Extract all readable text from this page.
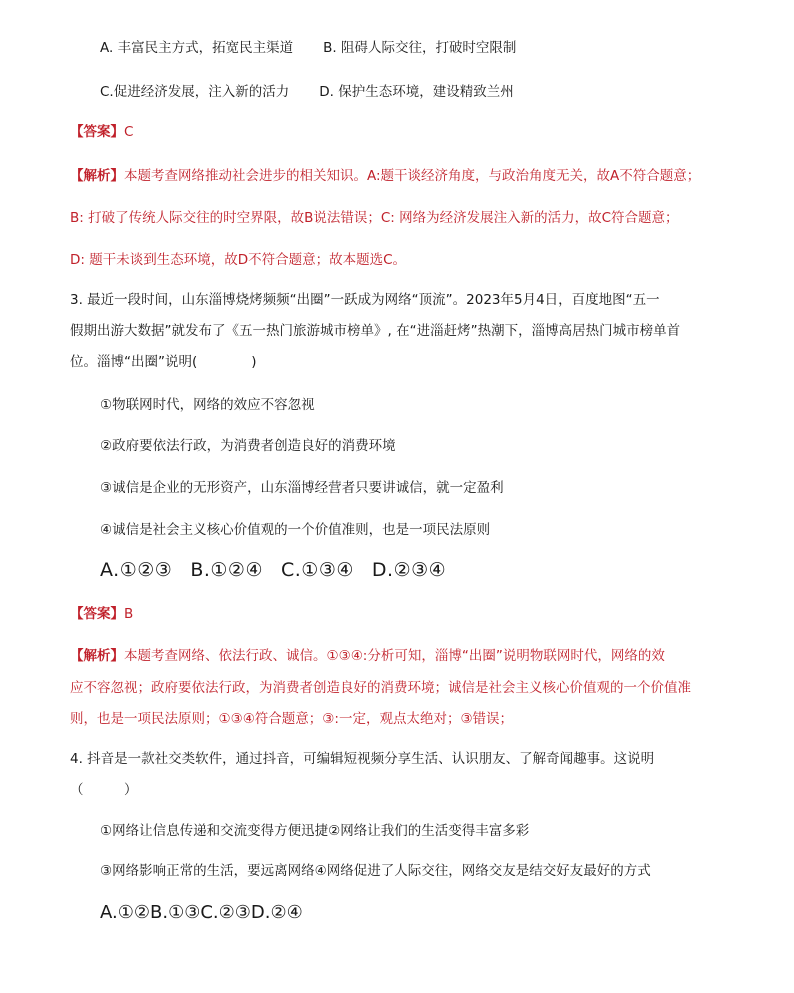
A. 丰富民主方式，拓宽民主渠道 B. 阻碍人际交往，打破时空限制
C.促进经济发展，注入新的活力 D. 保护生态环境，建设精致兰州
【答案】C
【解析】本题考查网络推动社会进步的相关知识。A:题干谈经济角度，与政治角度无关，故A不符合题意；
B: 打破了传统人际交往的时空界限，故B说法错误；C: 网络为经济发展注入新的活力，故C符合题意；
D: 题干未谈到生态环境，故D不符合题意；故本题选C。
3. 最近一段时间，山东淄博烧烤频频“出圈”一跃成为网络“顶流”。2023年5月4日，百度地图“五一
假期出游大数据”就发布了《五一热门旅游城市榜单》, 在“进淄赶烤”热潮下，淄博高居热门城市榜单首
位。淄博“出圈”说明(　　　　)
①物联网时代，网络的效应不容忽视
②政府要依法行政，为消费者创造良好的消费环境
③诚信是企业的无形资产，山东淄博经营者只要讲诚信，就一定盈利
④诚信是社会主义核心价值观的一个价值准则，也是一项民法原则
A.①②③ B.①②④ C.①③④ D.②③④
【答案】B
【解析】本题考查网络、依法行政、诚信。①③④:分析可知，淄博“出圈”说明物联网时代，网络的效
应不容忽视；政府要依法行政，为消费者创造良好的消费环境；诚信是社会主义核心价值观的一个价值准
则，也是一项民法原则；①③④符合题意；③:一定，观点太绝对；③错误；
4. 抖音是一款社交类软件，通过抖音，可编辑短视频分享生活、认识朋友、了解奇闻趣事。这说明
（　　　）
①网络让信息传递和交流变得方便迅捷②网络让我们的生活变得丰富多彩
③网络影响正常的生活，要远离网络④网络促进了人际交往，网络交友是结交好友最好的方式
A.①②B.①③C.②③D.②④
